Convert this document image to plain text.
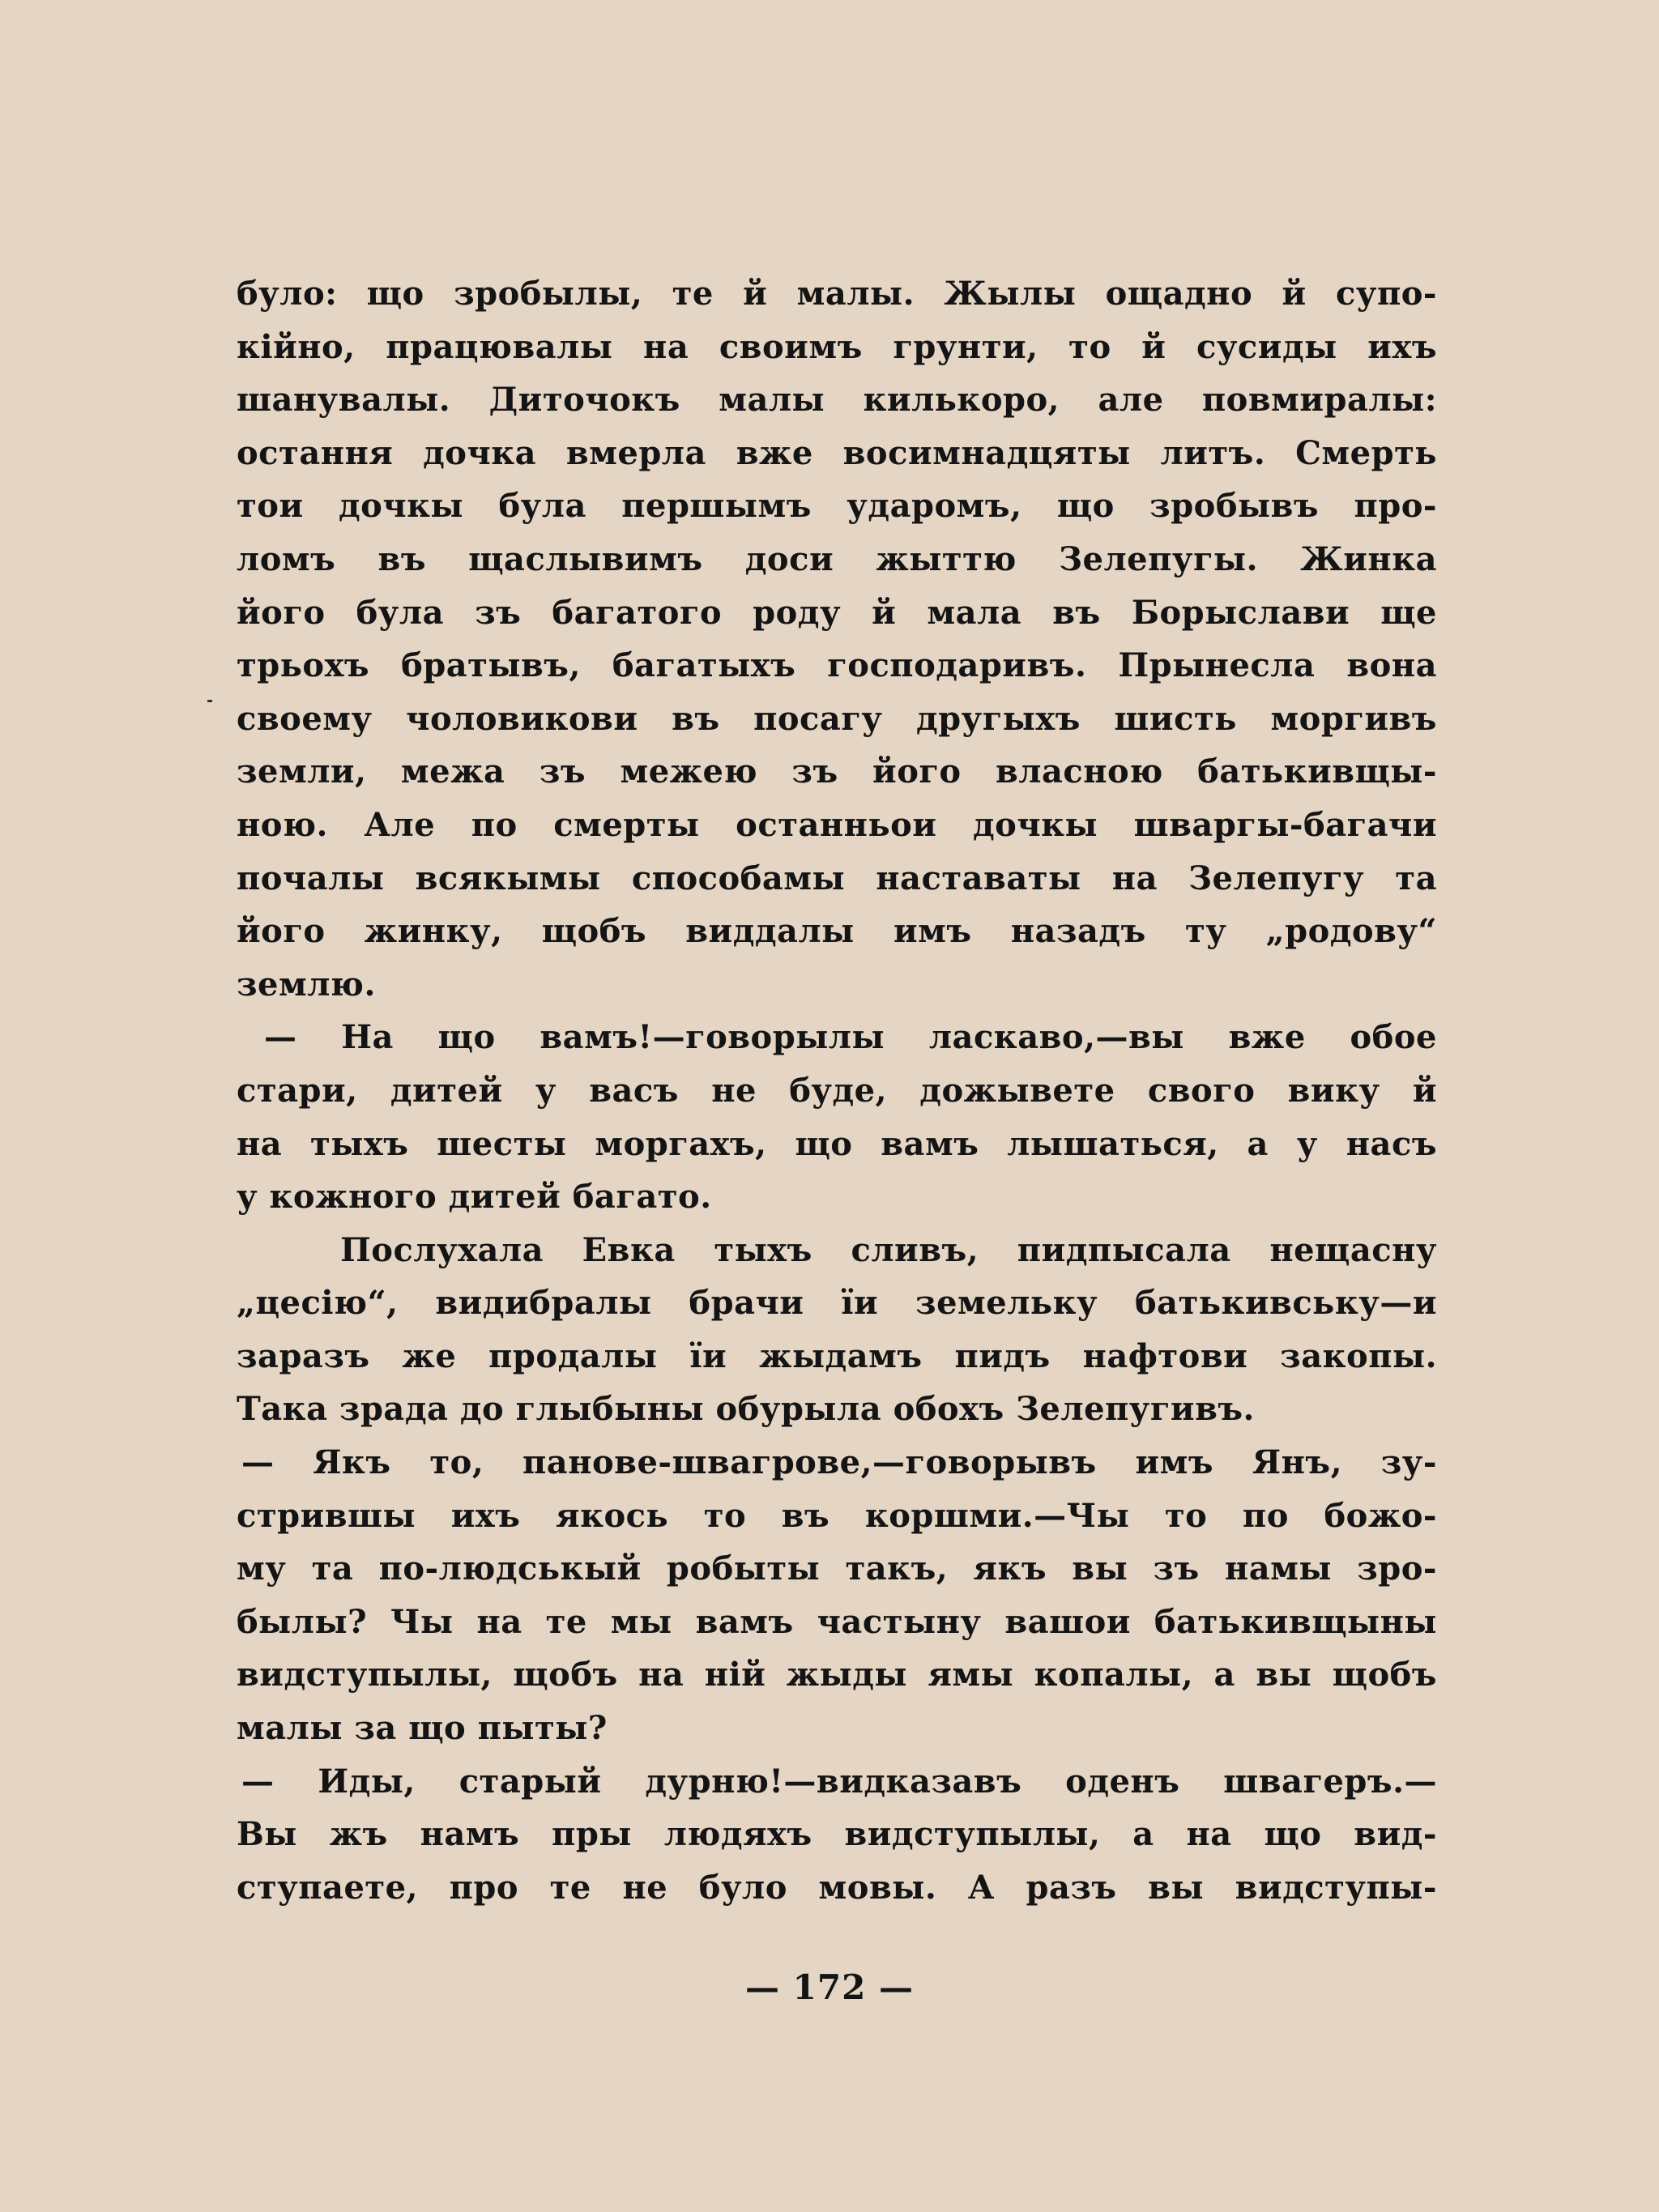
було: що зробылы, те й малы. Жылы ощадно й супо-
кійно, працювалы на своимъ грунти, то й сусиды ихъ
шанувалы. Диточокъ малы килькоро, але повмиралы:
остання дочка вмерла вже восимнадцяты литъ. Смерть
тои дочкы була першымъ ударомъ, що зробывъ про-
ломъ въ щаслывимъ доси жыттю Зелепугы. Жинка
його була зъ багатого роду й мала въ Борыслави ще
трьохъ братывъ, багатыхъ господаривъ. Прынесла вона
своему чоловикови въ посагу другыхъ шисть моргивъ
земли, межа зъ межею зъ його власною батькивщы-
ною. Але по смерты останньои дочкы шваргы-багачи
почалы всякымы способамы наставаты на Зелепугу та
його жинку, щобъ виддалы имъ назадъ ту „родову“
землю.
— На що вамъ!—говорылы ласкаво,—вы вже обое
стари, дитей у васъ не буде, дожывете свого вику й
на тыхъ шесты моргахъ, що вамъ лышаться, а у насъ
у кожного дитей багато.
Послухала Евка тыхъ сливъ, пидпысала нещасну
„цесію“, видибралы брачи їи земельку батькивську—и
заразъ же продалы їи жыдамъ пидъ нафтови закопы.
Така зрада до глыбыны обурыла обохъ Зелепугивъ.
— Якъ то, панове-швагрове,—говорывъ имъ Янъ, зу-
стрившы ихъ якось то въ коршми.—Чы то по божо-
му та по-людськый робыты такъ, якъ вы зъ намы зро-
былы? Чы на те мы вамъ частыну вашои батькивщыны
видступылы, щобъ на ній жыды ямы копалы, а вы щобъ
малы за що пыты?
— Иды, старый дурню!—видказавъ оденъ швагеръ.—
Вы жъ намъ пры людяхъ видступылы, а на що вид-
ступаете, про те не було мовы. А разъ вы видступы-
— 172 —
